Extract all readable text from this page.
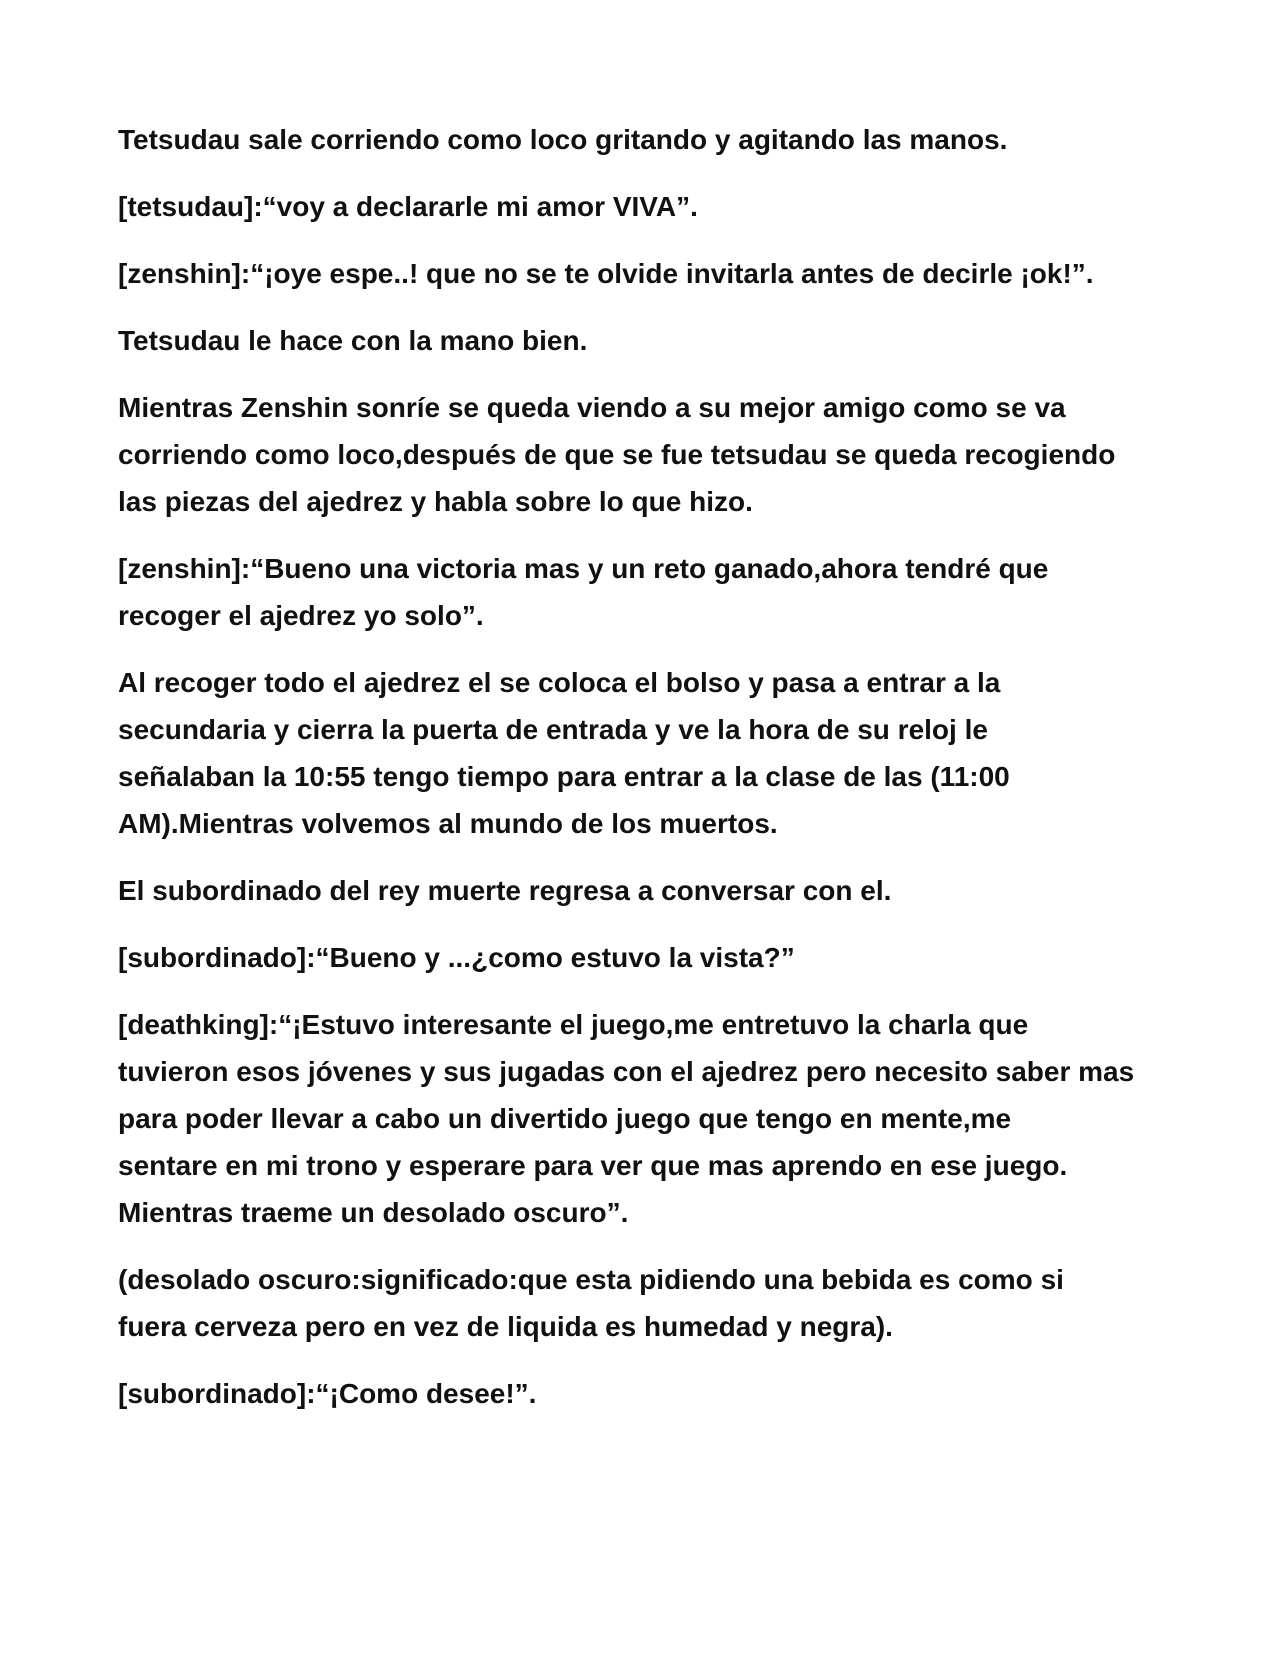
Tetsudau sale corriendo como loco gritando y agitando las manos.

[tetsudau]:“voy a declararle mi amor VIVA”.

[zenshin]:“¡oye espe..! que no se te olvide invitarla antes de decirle ¡ok!”.

Tetsudau le hace con la mano bien.

Mientras Zenshin sonríe se queda viendo a su mejor amigo como se va
corriendo como loco,después de que se fue tetsudau se queda recogiendo
las piezas del ajedrez y habla sobre lo que hizo.

[zenshin]:“Bueno una victoria mas y un reto ganado,ahora tendré que
recoger el ajedrez yo solo”.

Al recoger todo el ajedrez el se coloca el bolso y pasa a entrar a la
secundaria y cierra la puerta de entrada y ve la hora de su reloj le
señalaban la 10:55 tengo tiempo para entrar a la clase de las (11:00
AM).Mientras volvemos al mundo de los muertos.

El subordinado del rey muerte regresa a conversar con el.

[subordinado]:“Bueno y ...¿como estuvo la vista?”

[deathking]:“¡Estuvo interesante el juego,me entretuvo la charla que
tuvieron esos jóvenes y sus jugadas con el ajedrez pero necesito saber mas
para poder llevar a cabo un divertido juego que tengo en mente,me
sentare en mi trono y esperare para ver que mas aprendo en ese juego.
Mientras traeme un desolado oscuro”.

(desolado oscuro:significado:que esta pidiendo una bebida es como si
fuera cerveza pero en vez de liquida es humedad y negra).

[subordinado]:“¡Como desee!”.
